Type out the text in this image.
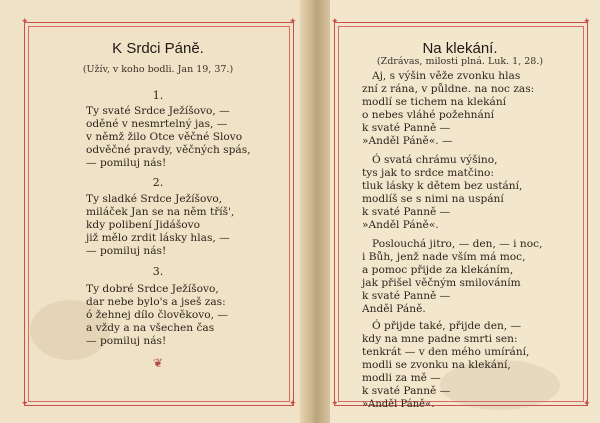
✦	✦
✦	✦
✦	✦
✦	✦
K Srdci Páně.
(Užív, v koho bodli. Jan 19, 37.)
1.
Ty svaté Srdce Ježíšovo, —
oděné v nesmrtelný jas, —
v němž žilo Otce věčné Slovo
odvěčné pravdy, věčných spás,
— pomiluj nás!
2.
Ty sladké Srdce Ježíšovo,
miláček Jan se na něm tříš',
kdy polibení Jidášovo
již mělo zrdit lásky hlas, —
— pomiluj nás!
3.
Ty dobré Srdce Ježíšovo,
dar nebe bylo's a jseš zas:
ó žehnej dílo člověkovo, —
a vždy a na všechen čas
— pomiluj nás!
❦
Na klekání.
(Zdrávas, milosti plná. Luk. 1, 28.)
Aj, s výšin věže zvonku hlas
zní z rána, v půldne. na noc zas:
modlí se tichem na klekání
o nebes vláhé požehnání
k svaté Panně —
»Anděl Páně«. —
Ó svatá chrámu výšino,
tys jak to srdce matčino:
tluk lásky k dětem bez ustání,
modlíš se s nimi na uspání
k svaté Panně —
»Anděl Páně«.
Poslouchá jitro, — den, — i noc,
i Bůh, jenž nade vším má moc,
a pomoc přijde za klekáním,
jak přišel věčným smilováním
k svaté Panně —
Anděl Páně.
Ó přijde také, přijde den, —
kdy na mne padne smrti sen:
tenkrát — v den mého umírání,
modli se zvonku na klekání,
modli za mě —
k svaté Panně —
»Anděl Páně«.
